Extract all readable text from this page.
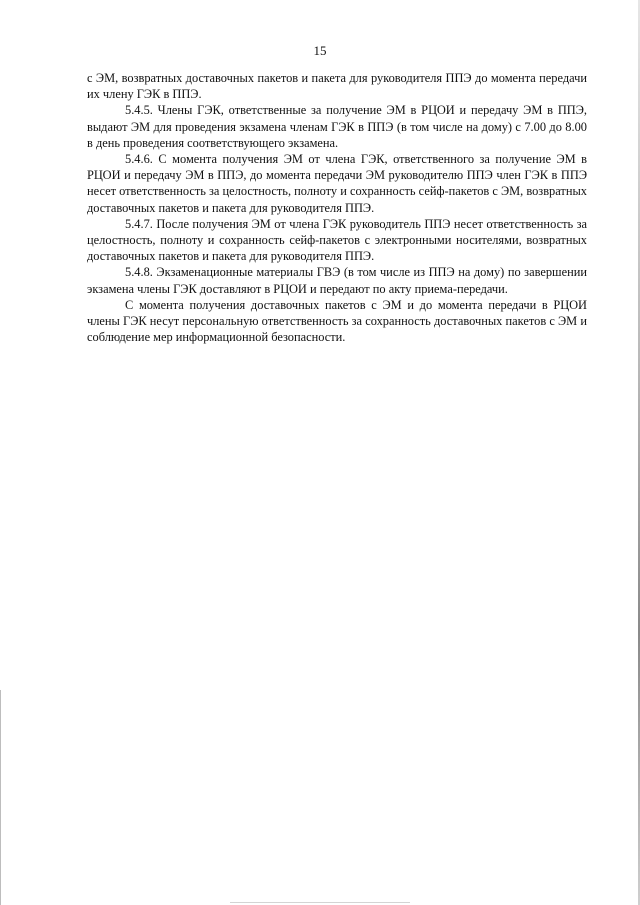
15

с ЭМ, возвратных доставочных пакетов и пакета для руководителя ППЭ до момента передачи их члену ГЭК в ППЭ.

5.4.5. Члены ГЭК, ответственные за получение ЭМ в РЦОИ и передачу ЭМ в ППЭ, выдают ЭМ для проведения экзамена членам ГЭК в ППЭ (в том числе на дому) с 7.00 до 8.00 в день проведения соответствующего экзамена.

5.4.6. С момента получения ЭМ от члена ГЭК, ответственного за получение ЭМ в РЦОИ и передачу ЭМ в ППЭ, до момента передачи ЭМ руководителю ППЭ член ГЭК в ППЭ несет ответственность за целостность, полноту и сохранность сейф-пакетов с ЭМ, возвратных доставочных пакетов и пакета для руководителя ППЭ.

5.4.7. После получения ЭМ от члена ГЭК руководитель ППЭ несет ответственность за целостность, полноту и сохранность сейф-пакетов с электронными носителями, возвратных доставочных пакетов и пакета для руководителя ППЭ.

5.4.8. Экзаменационные материалы ГВЭ (в том числе из ППЭ на дому) по завершении экзамена члены ГЭК доставляют в РЦОИ и передают по акту приема-передачи.

С момента получения доставочных пакетов с ЭМ и до момента передачи в РЦОИ члены ГЭК несут персональную ответственность за сохранность доставочных пакетов с ЭМ и соблюдение мер информационной безопасности.
